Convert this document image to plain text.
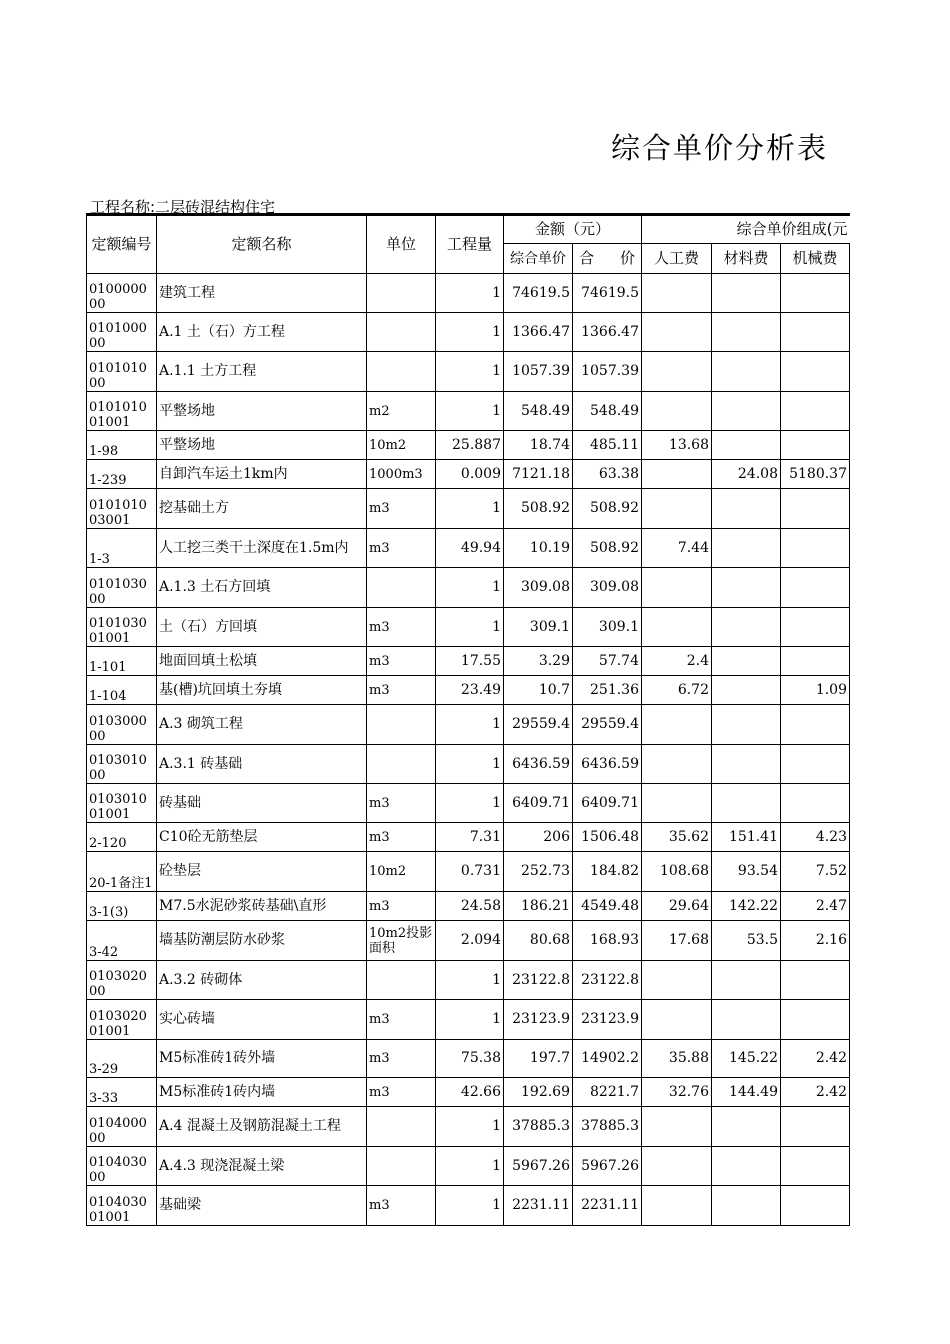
综合单价分析表
工程名称:二层砖混结构住宅
定额编号	定额名称	单位	工程量	金额（元）		综合单价组成(元		
				综合单价	合 价	人工费	材料费	机械费
010000000	建筑工程		1	74619.5	74619.5			
010100000	A.1 土（石）方工程		1	1366.47	1366.47			
010101000	A.1.1 土方工程		1	1057.39	1057.39			
010101001001	平整场地	m2	1	548.49	548.49			
1-98	平整场地	10m2	25.887	18.74	485.11	13.68		
1-239	自卸汽车运土1km内	1000m3	0.009	7121.18	63.38		24.08	5180.37
010101003001	挖基础土方	m3	1	508.92	508.92			
1-3	人工挖三类干土深度在1.5m内	m3	49.94	10.19	508.92	7.44		
010103000	A.1.3 土石方回填		1	309.08	309.08			
010103001001	土（石）方回填	m3	1	309.1	309.1			
1-101	地面回填土松填	m3	17.55	3.29	57.74	2.4		
1-104	基(槽)坑回填土夯填	m3	23.49	10.7	251.36	6.72		1.09
010300000	A.3 砌筑工程		1	29559.4	29559.4			
010301000	A.3.1 砖基础		1	6436.59	6436.59			
010301001001	砖基础	m3	1	6409.71	6409.71			
2-120	C10砼无筋垫层	m3	7.31	206	1506.48	35.62	151.41	4.23
20-1备注1	砼垫层	10m2	0.731	252.73	184.82	108.68	93.54	7.52
3-1(3)	M7.5水泥砂浆砖基础\直形	m3	24.58	186.21	4549.48	29.64	142.22	2.47
3-42	墙基防潮层防水砂浆	10m2投影面积	2.094	80.68	168.93	17.68	53.5	2.16
010302000	A.3.2 砖砌体		1	23122.8	23122.8			
010302001001	实心砖墙	m3	1	23123.9	23123.9			
3-29	M5标准砖1砖外墙	m3	75.38	197.7	14902.2	35.88	145.22	2.42
3-33	M5标准砖1砖内墙	m3	42.66	192.69	8221.7	32.76	144.49	2.42
010400000	A.4 混凝土及钢筋混凝土工程		1	37885.3	37885.3			
010403000	A.4.3 现浇混凝土梁		1	5967.26	5967.26			
010403001001	基础梁	m3	1	2231.11	2231.11			
